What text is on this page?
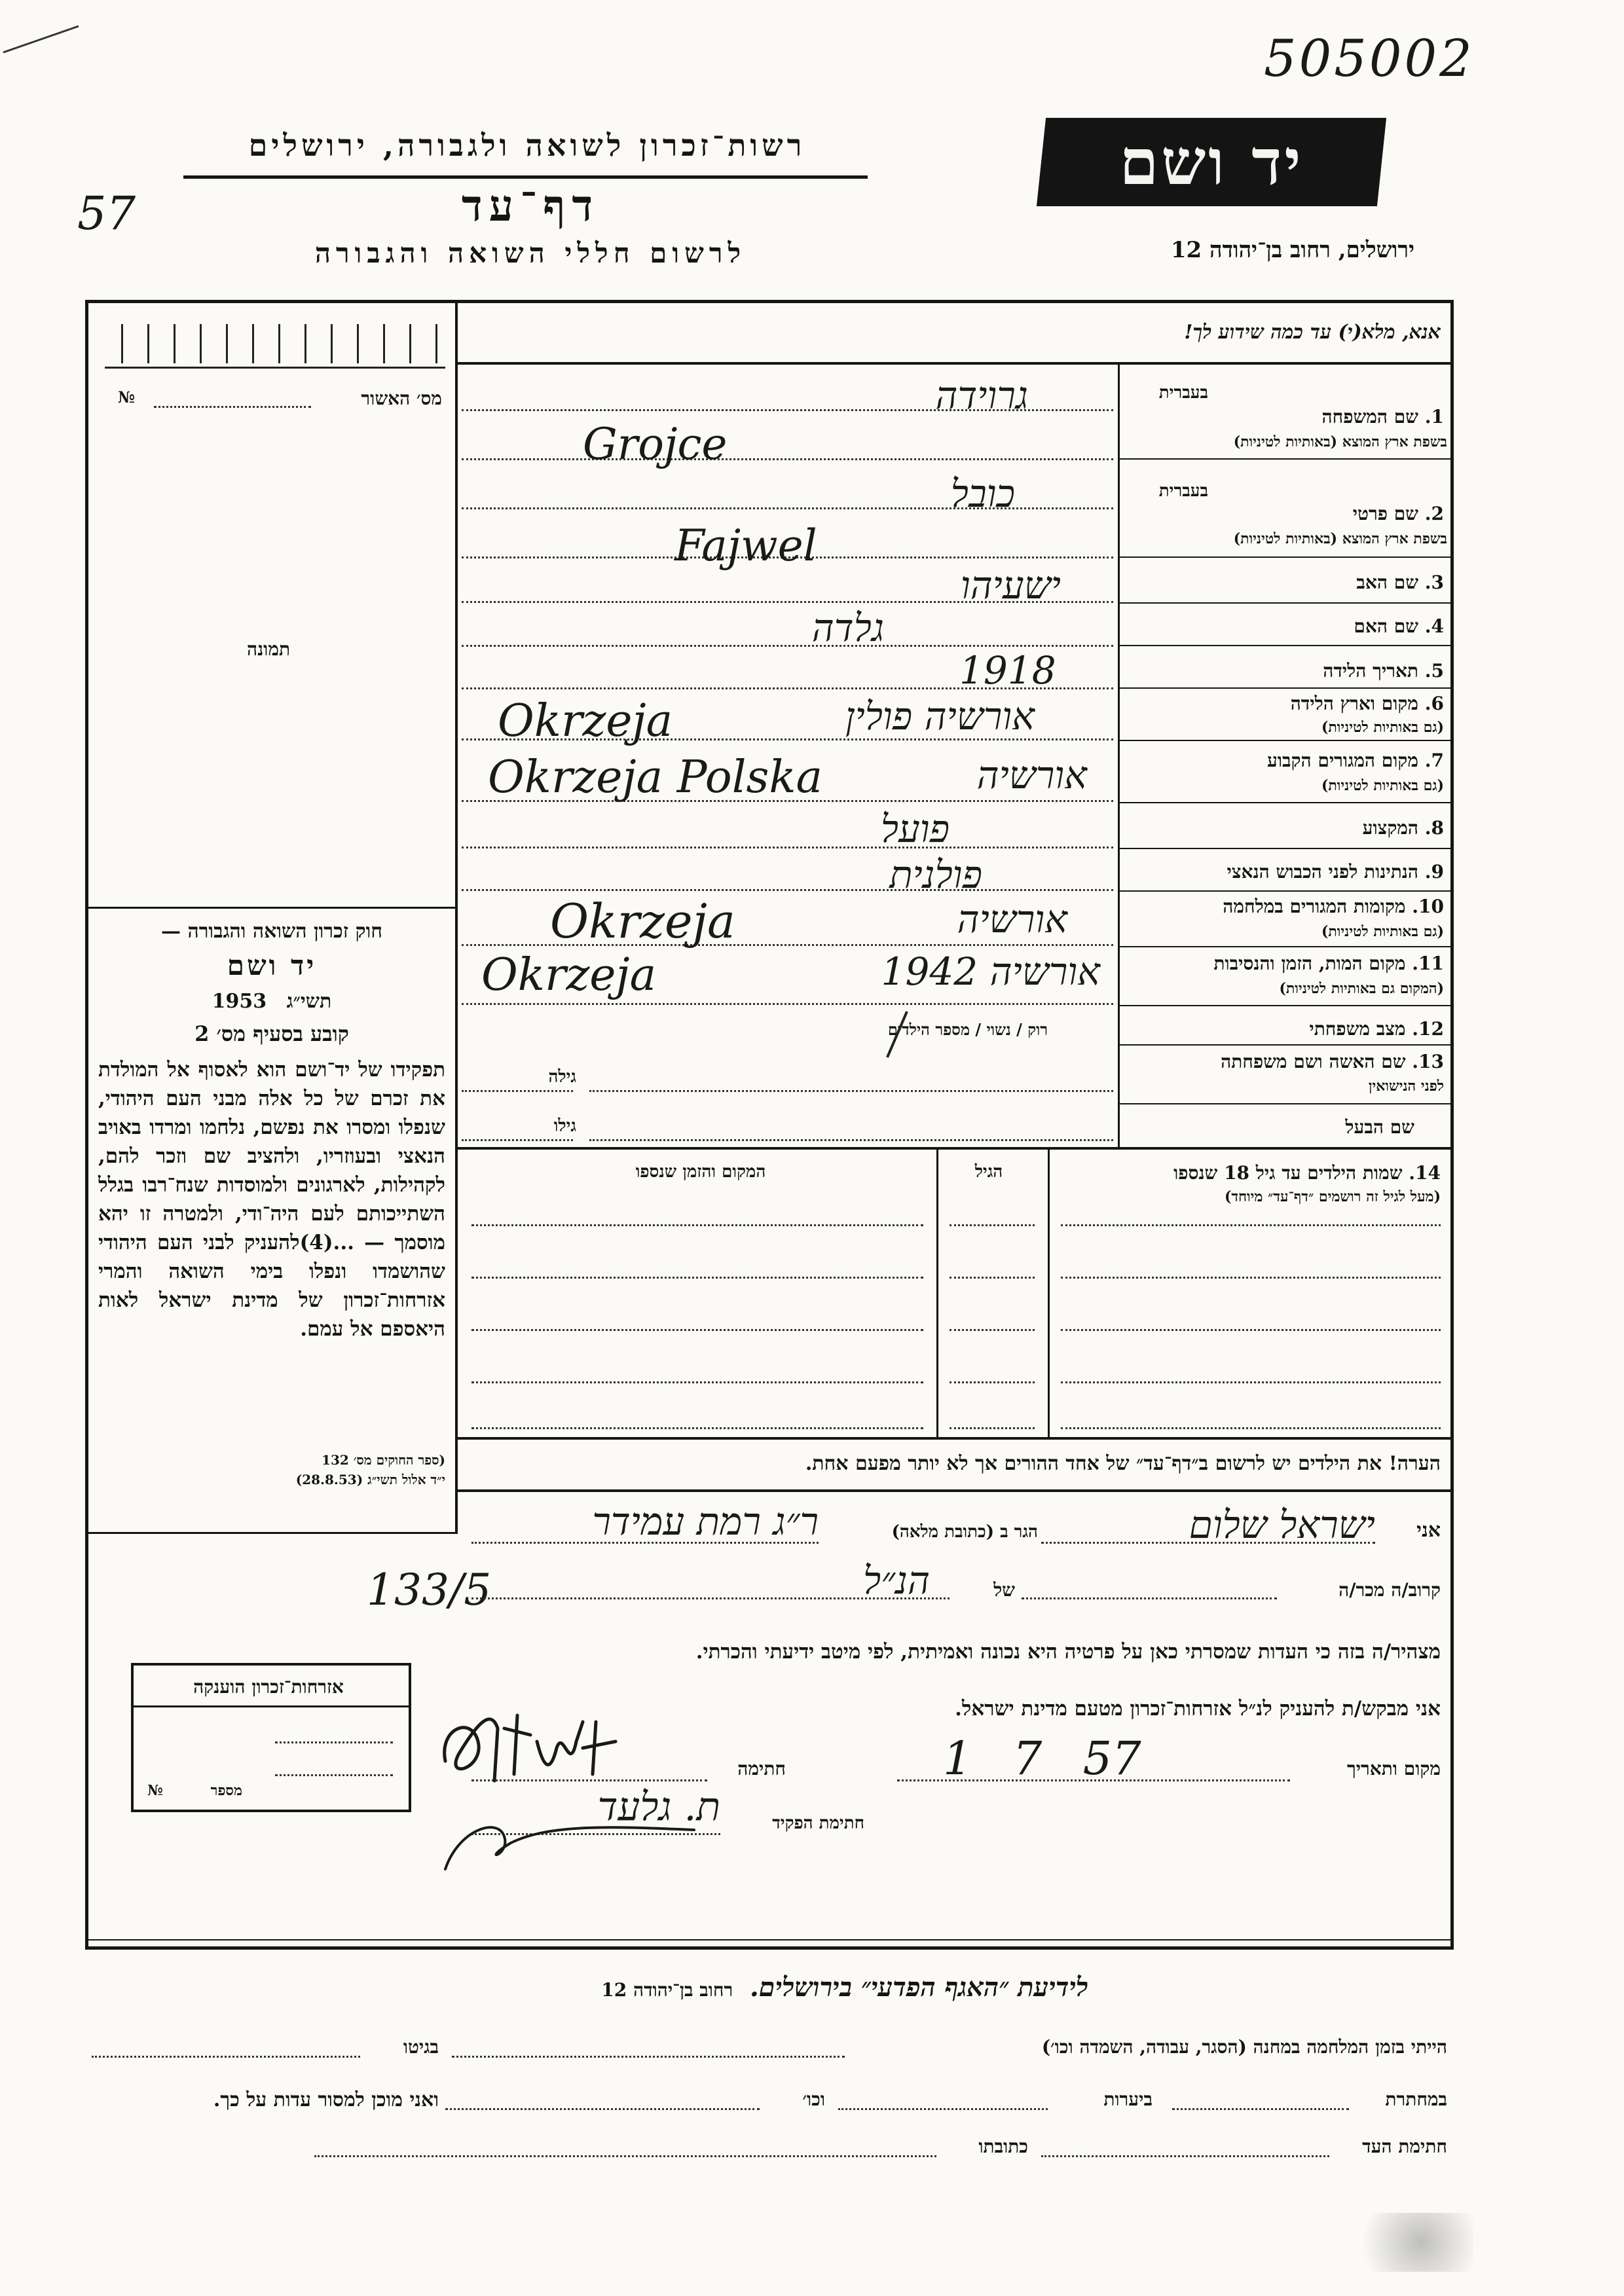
505002
57
רשות־זכרון לשואה ולגבורה, ירושלים
דף־עד
לרשום חללי השואה והגבורה
יד ושם
ירושלים, רחוב בן־יהודה 12
אנא, מלא(י) עד כמה שידוע לך!
מס׳ האשור
№
תמונה
חוק זכרון השואה והגבורה —
יד ושם
1953 תשי״ג
קובע בסעיף מס׳ 2
תפקידו של יד־ושם הוא לאסוף אל המולדת את זכרם של כל אלה מבני העם היהודי, שנפלו ומסרו את נפשם, נלחמו ומרדו באויב הנאצי ובעוזריו, ולהציב שם וזכר להם, לקהילות, לארגונים ולמוסדות שנח־רבו בגלל השתייכותם לעם היה־ודי, ולמטרה זו יהא מוסמך — ...(4)להעניק לבני העם היהודי שהושמדו ונפלו בימי השואה והמרי אזרחות־זכרון של מדינת ישראל לאות היאספם אל עמם.
(ספר החוקים מס׳ 132
י״ד אלול תשי״ג (28.8.53)
בעברית
1. שם המשפחה
בשפת ארץ המוצא (באותיות לטיניות)
בעברית
2. שם פרטי
בשפת ארץ המוצא (באותיות לטיניות)
3. שם האב
4. שם האם
5. תאריך הלידה
6. מקום וארץ הלידה
(גם באותיות לטיניות)
7. מקום המגורים הקבוע
(גם באותיות לטיניות)
8. המקצוע
9. הנתינות לפני הכבוש הנאצי
10. מקומות המגורים במלחמה
(גם באותיות לטיניות)
11. מקום המות, הזמן והנסיבות
(המקום גם באותיות לטיניות)
12. מצב משפחתי
רוק / נשוי / מספר הילדים
13. שם האשה ושם משפחתה
לפני הנישואין
גילה
שם הבעל
גילו
גרוידה
Grojce
כובל
Fajwel
ישעיהו
גלדה
1918
אורשיה פולין
Okrzeja
אורשיה
Okrzeja Polska
פועל
פולנית
אורשיה
Okrzeja
אורשיה 1942
Okrzeja
14. שמות הילדים עד גיל 18 שנספו
(מעל לגיל זה רושמים ״דף־עד״ מיוחד)
הגיל
המקום והזמן שנספו
הערה! את הילדים יש לרשום ב״דף־עד״ של אחד ההורים אך לא יותר מפעם אחת.
אני
ישראל שלום
הגר ב (כתובת מלאה)
ר״ג רמת עמידר
133/5	קרוב/ה מכר/ה
של
הנ״ל
מצהיר/ה בזה כי העדות שמסרתי כאן על פרטיה היא נכונה ואמיתית, לפי מיטב ידיעתי והכרתי.
אני מבקש/ת להעניק לנ״ל אזרחות־זכרון מטעם מדינת ישראל.
מקום ותאריך
1 7 57
חתימה
חתימת הפקיד
ת. גלעד
אזרחות־זכרון הוענקה
מספר
№
לידיעת ״האגף הפדעי״ בירושלים. רחוב בן־יהודה 12
הייתי בזמן המלחמה במחנה (הסגר, עבודה, השמדה וכו׳)
בגיטו
במחתרת
ביערות
וכו׳
ואני מוכן למסור עדות על כך.
חתימת העד
כתובתו
